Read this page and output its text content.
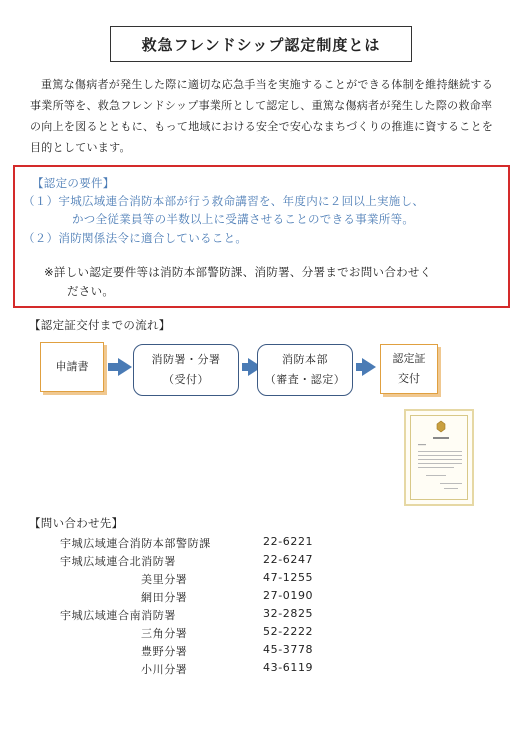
救急フレンドシップ認定制度とは
重篤な傷病者が発生した際に適切な応急手当を実施することができる体制を維持継続する事業所等を、救急フレンドシップ事業所として認定し、重篤な傷病者が発生した際の救命率の向上を図るとともに、もって地域における安全で安心なまちづくりの推進に資することを目的としています。
【認定の要件】
（１）宇城広域連合消防本部が行う救命講習を、年度内に２回以上実施し、
かつ全従業員等の半数以上に受講させることのできる事業所等。
（２）消防関係法令に適合していること。
※詳しい認定要件等は消防本部警防課、消防署、分署までお問い合わせく
ださい。
【認定証交付までの流れ】
申請書
消防署・分署
（受付）
消防本部
（審査・認定）
認定証
交付
【問い合わせ先】
宇城広域連合消防本部警防課	22-6221
宇城広域連合北消防署	22-6247
美里分署	47-1255
網田分署	27-0190
宇城広域連合南消防署	32-2825
三角分署	52-2222
豊野分署	45-3778
小川分署	43-6119
